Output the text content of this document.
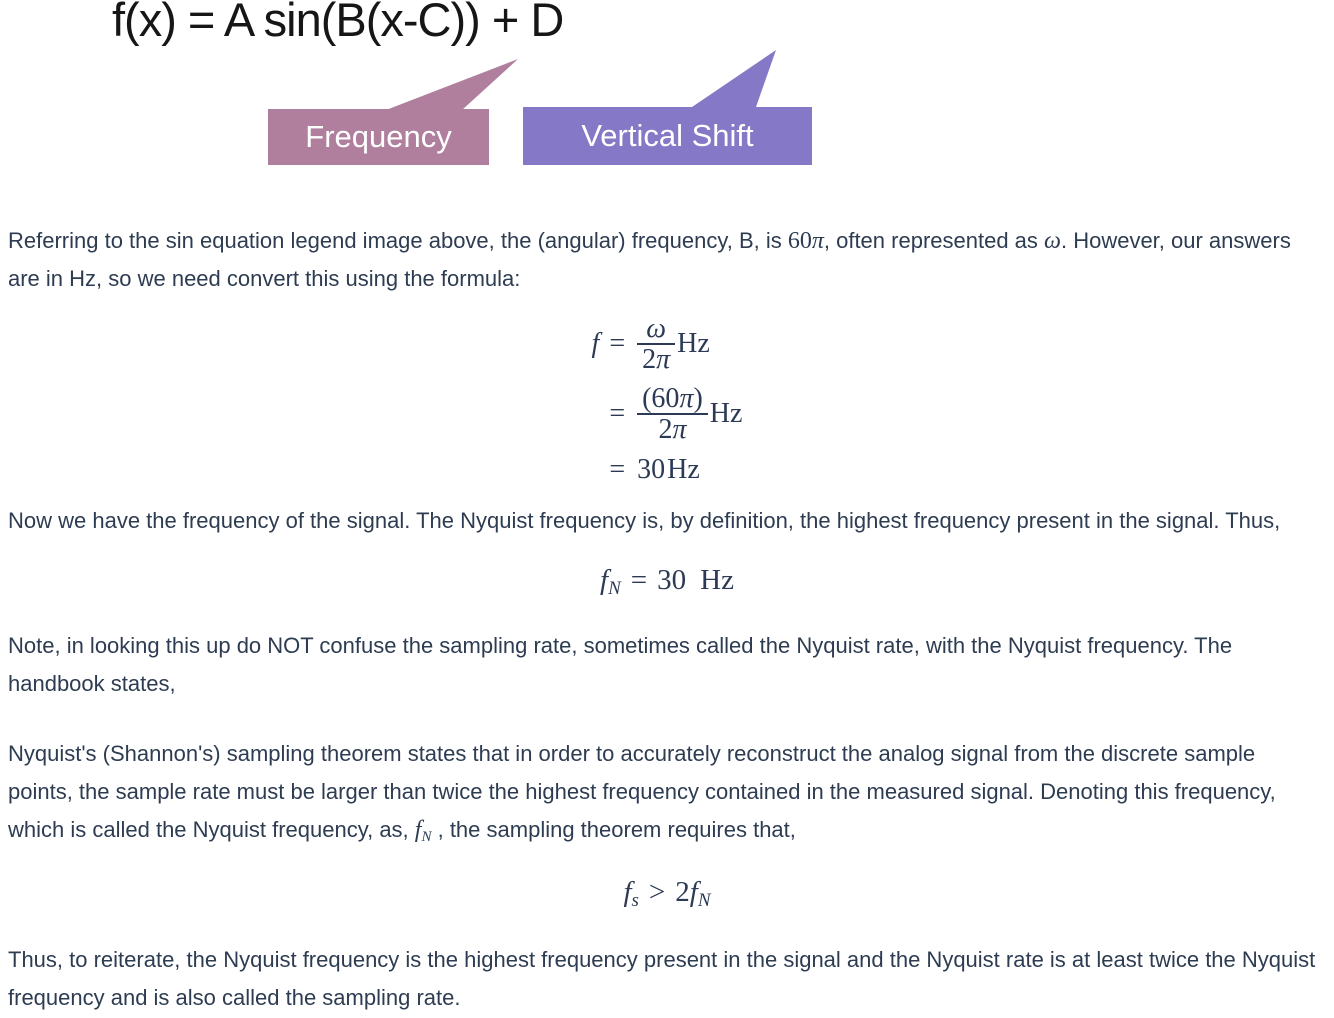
f(x) = A sin(B(x-C)) + D
Frequency	Vertical Shift

Referring to the sin equation legend image above, the (angular) frequency, B, is 60π, often represented as ω. However, our answers are in Hz, so we need convert this using the formula:

$f = \frac{\omega}{2\pi}$ Hz
= $\frac{(60\pi)}{2\pi}$ Hz
= 30 Hz

Now we have the frequency of the signal. The Nyquist frequency is, by definition, the highest frequency present in the signal. Thus,

$f_N = 30$ Hz

Note, in looking this up do NOT confuse the sampling rate, sometimes called the Nyquist rate, with the Nyquist frequency. The handbook states,

Nyquist's (Shannon's) sampling theorem states that in order to accurately reconstruct the analog signal from the discrete sample points, the sample rate must be larger than twice the highest frequency contained in the measured signal. Denoting this frequency, which is called the Nyquist frequency, as, fN , the sampling theorem requires that,

$f_s > 2f_N$

Thus, to reiterate, the Nyquist frequency is the highest frequency present in the signal and the Nyquist rate is at least twice the Nyquist frequency and is also called the sampling rate.
